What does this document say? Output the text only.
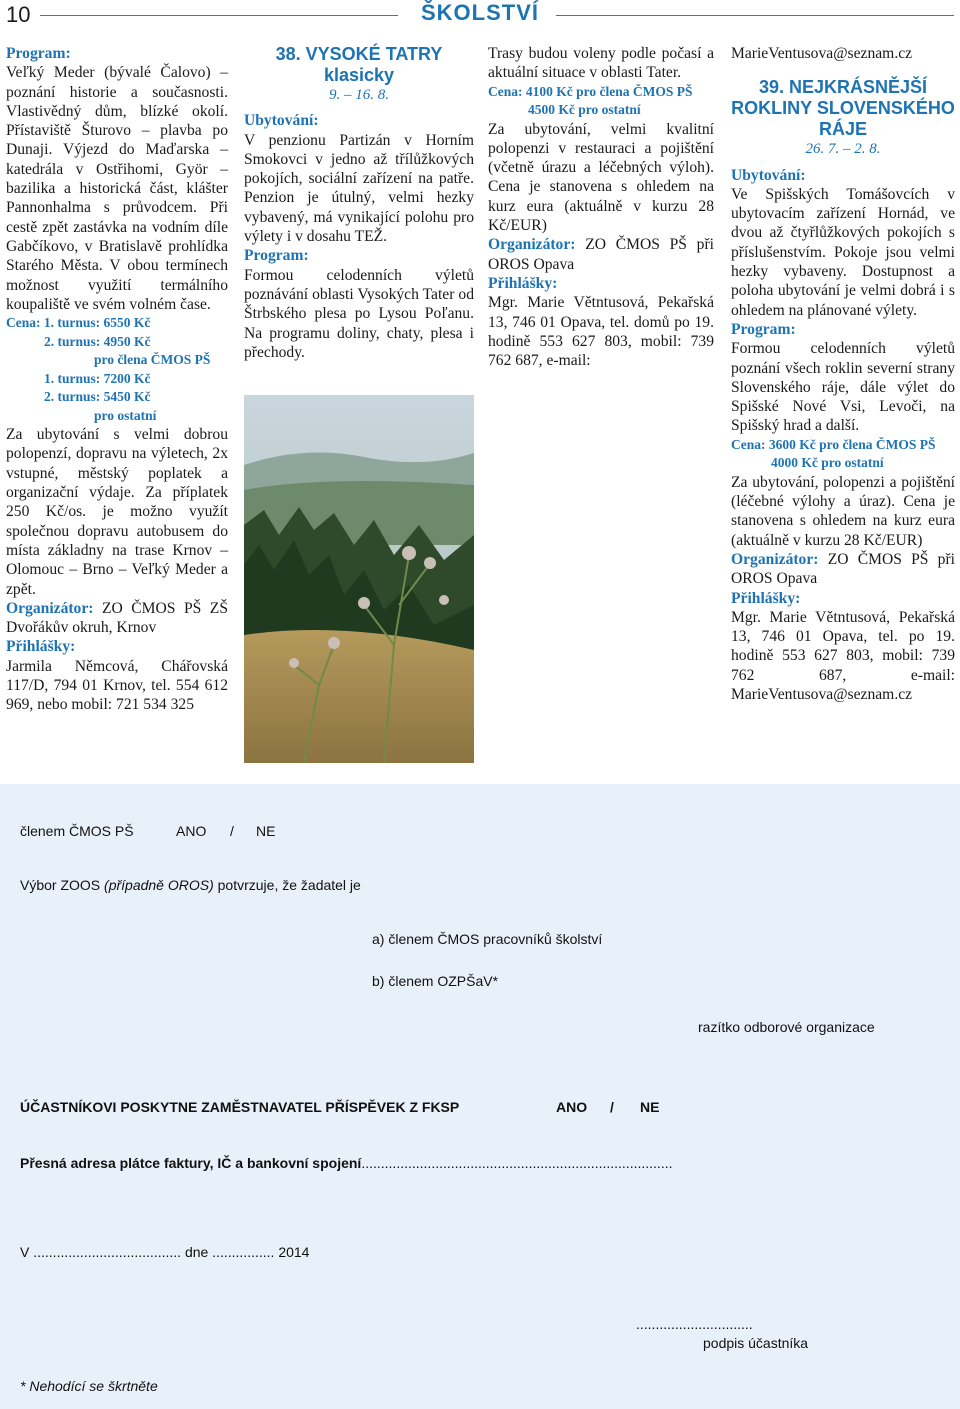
10	ŠKOLSTVÍ

Program:

Veľký Meder (bývalé Čalovo) – poznání historie a současnosti. Vlastivědný dům, blízké okolí. Přístaviště Šturovo – plavba po Dunaji. Výjezd do Maďarska – katedrála v Ostřihomi, Györ – bazilika a historická část, klášter Pannonhalma s průvodcem. Při cestě zpět zastávka na vodním díle Gabčíkovo, v Bratislavě prohlídka Starého Města. V obou termínech možnost využití termálního koupaliště ve svém volném čase.

Cena: 1. turnus: 6550 Kč
2. turnus: 4950 Kč
pro člena ČMOS PŠ
1. turnus: 7200 Kč
2. turnus: 5450 Kč
pro ostatní

Za ubytování s velmi dobrou polopenzí, dopravu na výletech, 2x vstupné, městský poplatek a organizační výdaje. Za příplatek 250 Kč/os. je možno využít společnou dopravu autobusem do místa základny na trase Krnov – Olomouc – Brno – Veľký Meder a zpět.

Organizátor: ZO ČMOS PŠ ZŠ Dvořákův okruh, Krnov

Přihlášky:

Jarmila Němcová, Chářovská 117/D, 794 01 Krnov, tel. 554 612 969, nebo mobil: 721 534 325

38. VYSOKÉ TATRY
klasicky
9. – 16. 8.

Ubytování:

V penzionu Partizán v Horním Smokovci v jedno až třílůžkových pokojích, sociální zařízení na patře. Penzion je útulný, velmi hezky vybavený, má vynikající polohu pro výlety i v dosahu TEŽ.

Program:

Formou celodenních výletů poznávání oblasti Vysokých Tater od Štrbského plesa po Lysou Poľanu. Na programu doliny, chaty, plesa i přechody.

Trasy budou voleny podle počasí a aktuální situace v oblasti Tater.

Cena: 4100 Kč pro člena ČMOS PŠ
4500 Kč pro ostatní

Za ubytování, velmi kvalitní polopenzi v restauraci a pojištění (včetně úrazu a léčebných výloh). Cena je stanovena s ohledem na kurz eura (aktuálně v kurzu 28 Kč/EUR)

Organizátor: ZO ČMOS PŠ při OROS Opava

Přihlášky:

Mgr. Marie Větntusová, Pekařská 13, 746 01 Opava, tel. domů po 19. hodině 553 627 803, mobil: 739 762 687, e-mail:

MarieVentusova@seznam.cz

39. NEJKRÁSNĚJŠÍ ROKLINY SLOVENSKÉHO RÁJE
26. 7. – 2. 8.

Ubytování:

Ve Spišských Tomášovcích v ubytovacím zařízení Hornád, ve dvou až čtyřlůžkových pokojích s příslušenstvím. Pokoje jsou velmi hezky vybaveny. Dostupnost a poloha ubytování je velmi dobrá i s ohledem na plánované výlety.

Program:

Formou celodenních výletů poznání všech roklin severní strany Slovenského ráje, dále výlet do Spišské Nové Vsi, Levoči, na Spišský hrad a další.

Cena: 3600 Kč pro člena ČMOS PŠ
4000 Kč pro ostatní

Za ubytování, polopenzi a pojištění (léčebné výlohy a úraz). Cena je stanovena s ohledem na kurz eura (aktuálně v kurzu 28 Kč/EUR)

Organizátor: ZO ČMOS PŠ při OROS Opava

Přihlášky:

Mgr. Marie Větntusová, Pekařská 13, 746 01 Opava, tel. po 19. hodině 553 627 803, mobil: 739 762 687, e-mail: MarieVentusova@seznam.cz

členem ČMOS PŠ	ANO / NE
Výbor ZOOS (případně OROS) potvrzuje, že žadatel je
a) členem ČMOS pracovníků školství
b) členem OZPŠaV*
razítko odborové organizace
ÚČASTNÍKOVI POSKYTNE ZAMĚSTNAVATEL PŘÍSPĚVEK Z FKSP	ANO / NE
Přesná adresa plátce faktury, IČ a bankovní spojení................................................................................
V ...................................... dne ................ 2014
..............................
podpis účastníka
* Nehodící se škrtněte
